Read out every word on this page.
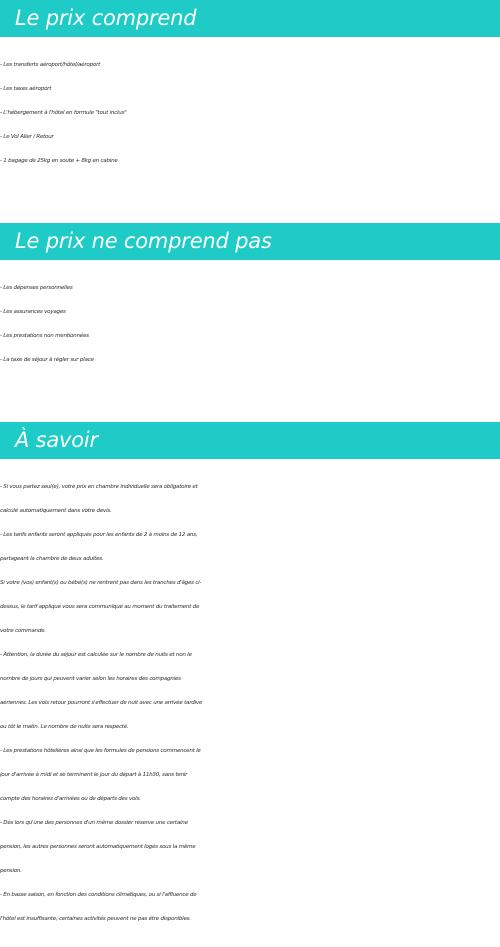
Le prix comprend
- Les transferts aéroport/hôtel/aéroport
- Les taxes aéroport
- L'hébergement à l'hôtel en formule "tout inclus"
- Le Vol Aller / Retour
- 1 bagage de 25kg en soute + 8kg en cabine
Le prix ne comprend pas
- Les dépenses personnelles
- Les assurances voyages
- Les prestations non mentionnées
- La taxe de séjour à régler sur place
À savoir
- Si vous partez seul(e), votre prix en chambre individuelle sera obligatoire et
calculé automatiquement dans votre devis.
- Les tarifs enfants seront appliqués pour les enfants de 2 à moins de 12 ans,
partageant la chambre de deux adultes.
Si votre (vos) enfant(s) ou bébé(s) ne rentrent pas dans les tranches d'âges ci-
dessus, le tarif appliqué vous sera communiqué au moment du traitement de
votre commande.
- Attention, la durée du séjour est calculée sur le nombre de nuits et non le
nombre de jours qui peuvent varier selon les horaires des compagnies
aériennes. Les vols retour pourront s'effectuer de nuit avec une arrivée tardive
ou tôt le matin. Le nombre de nuits sera respecté.
- Les prestations hôtelières ainsi que les formules de pensions commencent le
jour d'arrivée à midi et se terminent le jour du départ à 11h30, sans tenir
compte des horaires d'arrivées ou de départs des vols.
- Dès lors qu'une des personnes d'un même dossier réserve une certaine
pension, les autres personnes seront automatiquement logés sous la même
pension.
- En basse saison, en fonction des conditions climatiques, ou si l'affluence de
l'hôtel est insuffisante, certaines activités peuvent ne pas être disponibles.
